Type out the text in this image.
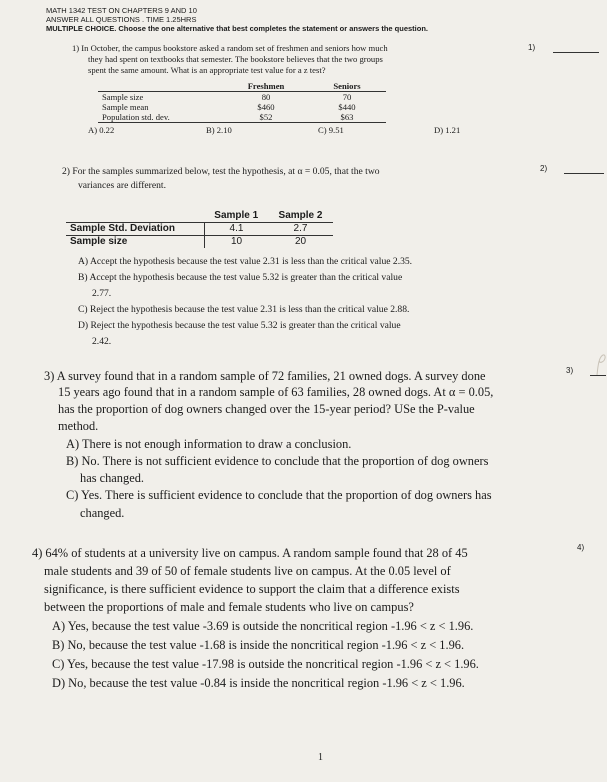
MATH 1342 TEST ON CHAPTERS 9 AND 10
ANSWER ALL QUESTIONS . TIME 1.25HRS
MULTIPLE CHOICE. Choose the one alternative that best completes the statement or answers the question.
1) In October, the campus bookstore asked a random set of freshmen and seniors how much
they had spent on textbooks that semester. The bookstore believes that the two groups
spent the same amount. What is an appropriate test value for a z test?
1)
	Freshmen	Seniors
Sample size	80	70
Sample mean	$460	$440
Population std. dev.	$52	$63
A) 0.22	B) 2.10	C) 9.51	D) 1.21
2) For the samples summarized below, test the hypothesis, at α = 0.05, that the two
variances are different.
2)
	Sample 1	Sample 2
Sample Std. Deviation	4.1	2.7
Sample size	10	20
A) Accept the hypothesis because the test value 2.31 is less than the critical value 2.35.
B) Accept the hypothesis because the test value 5.32 is greater than the critical value
2.77.
C) Reject the hypothesis because the test value 2.31 is less than the critical value 2.88.
D) Reject the hypothesis because the test value 5.32 is greater than the critical value
2.42.
3) A survey found that in a random sample of 72 families, 21 owned dogs. A survey done
15 years ago found that in a random sample of 63 families, 28 owned dogs. At α = 0.05,
has the proportion of dog owners changed over the 15-year period? USe the P-value
method.
3)
A) There is not enough information to draw a conclusion.
B) No. There is not sufficient evidence to conclude that the proportion of dog owners
has changed.
C) Yes. There is sufficient evidence to conclude that the proportion of dog owners has
changed.
4) 64% of students at a university live on campus. A random sample found that 28 of 45
male students and 39 of 50 of female students live on campus. At the 0.05 level of
significance, is there sufficient evidence to support the claim that a difference exists
between the proportions of male and female students who live on campus?
4)
A) Yes, because the test value -3.69 is outside the noncritical region -1.96 < z < 1.96.
B) No, because the test value -1.68 is inside the noncritical region -1.96 < z < 1.96.
C) Yes, because the test value -17.98 is outside the noncritical region -1.96 < z < 1.96.
D) No, because the test value -0.84 is inside the noncritical region -1.96 < z < 1.96.
1
